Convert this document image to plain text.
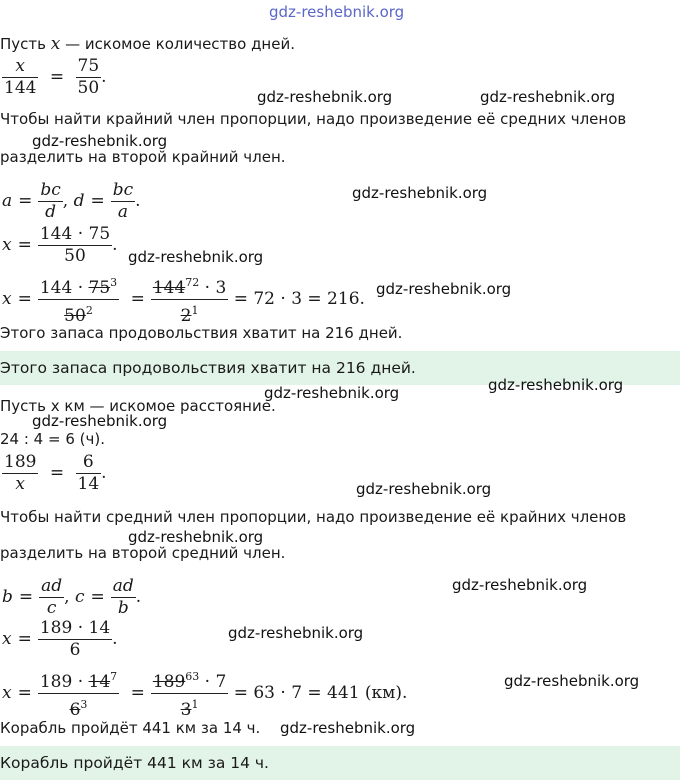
gdz-reshebnik.org
Пусть x — искомое количество дней.
$\frac{x}{144} = \frac{75}{50}$ .
Чтобы найти крайний член пропорции, надо произведение её средних членов
разделить на второй крайний член.
$a = \frac{bc}{d}$ , $d = \frac{bc}{a}$ .
$x = \frac{144 \cdot 75}{50}$ .
$x = \frac{144 \cdot 75^3}{50^2} = \frac{144^{72} \cdot 3}{2^1} = 72 \cdot 3 = 216$.
Этого запаса продовольствия хватит на 216 дней.
Этого запаса продовольствия хватит на 216 дней.
Пусть x км — искомое расстояние.
24 : 4 = 6 (ч).
$\frac{189}{x} = \frac{6}{14}$ .
Чтобы найти средний член пропорции, надо произведение её крайних членов
разделить на второй средний член.
$b = \frac{ad}{c}$ , $c = \frac{ad}{b}$ .
$x = \frac{189 \cdot 14}{6}$ .
$x = \frac{189 \cdot 14^7}{6^3} = \frac{189^{63} \cdot 7}{3^1} = 63 \cdot 7 = 441$ (км).
Корабль пройдёт 441 км за 14 ч.
Корабль пройдёт 441 км за 14 ч.
gdz-reshebnik.org	gdz-reshebnik.org
gdz-reshebnik.org
gdz-reshebnik.org
gdz-reshebnik.org
gdz-reshebnik.org
gdz-reshebnik.org	gdz-reshebnik.org
gdz-reshebnik.org
gdz-reshebnik.org
gdz-reshebnik.org
gdz-reshebnik.org
gdz-reshebnik.org
gdz-reshebnik.org
gdz-reshebnik.org
